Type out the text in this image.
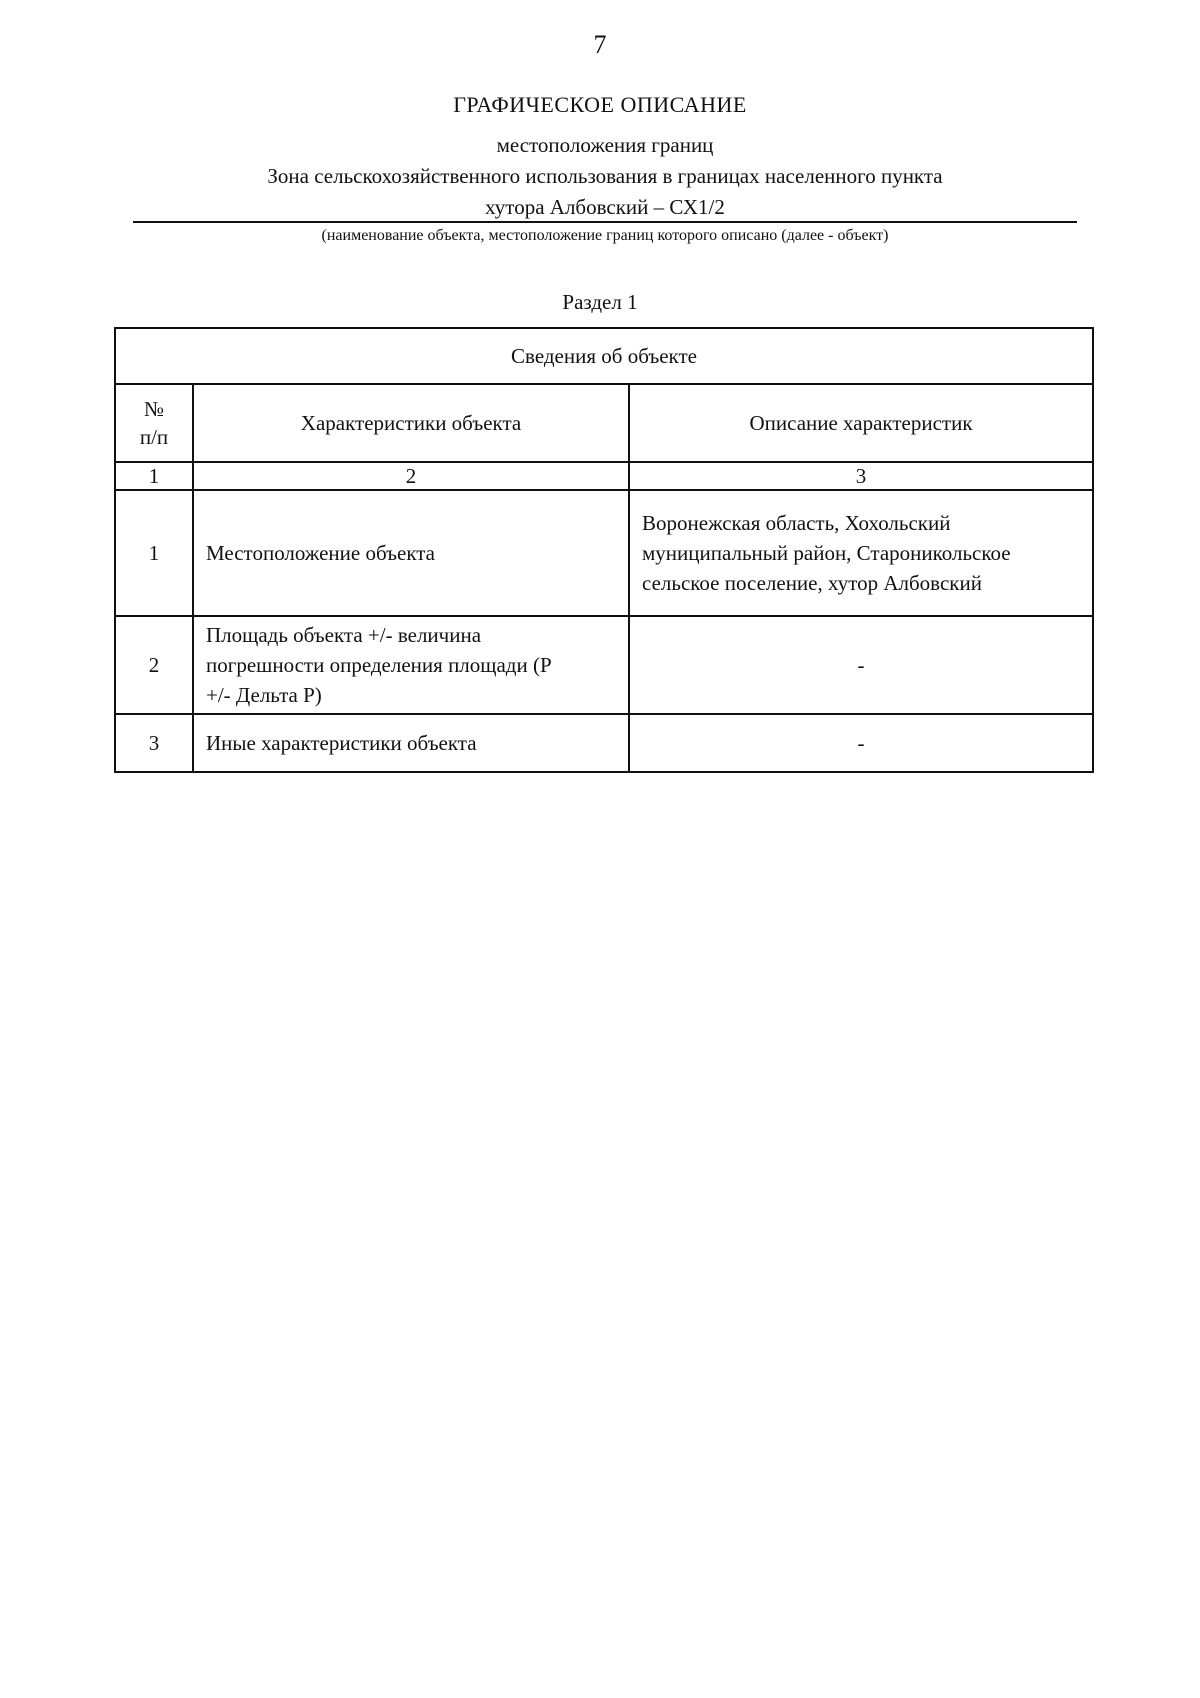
7
ГРАФИЧЕСКОЕ ОПИСАНИЕ
местоположения границ
Зона сельскохозяйственного использования в границах населенного пункта
хутора Албовский – СХ1/2
(наименование объекта, местоположение границ которого описано (далее - объект)
Раздел 1
Сведения об объекте		

№
п/п	Характеристики объекта	Описание характеристик
1	2	3
1	Местоположение объекта	Воронежская область, Хохольский
муниципальный район, Староникольское
сельское поселение, хутор Албовский

2	Площадь объекта +/- величина
погрешности определения площади (Р
+/- Дельта Р)	-

3	Иные характеристики объекта	-
